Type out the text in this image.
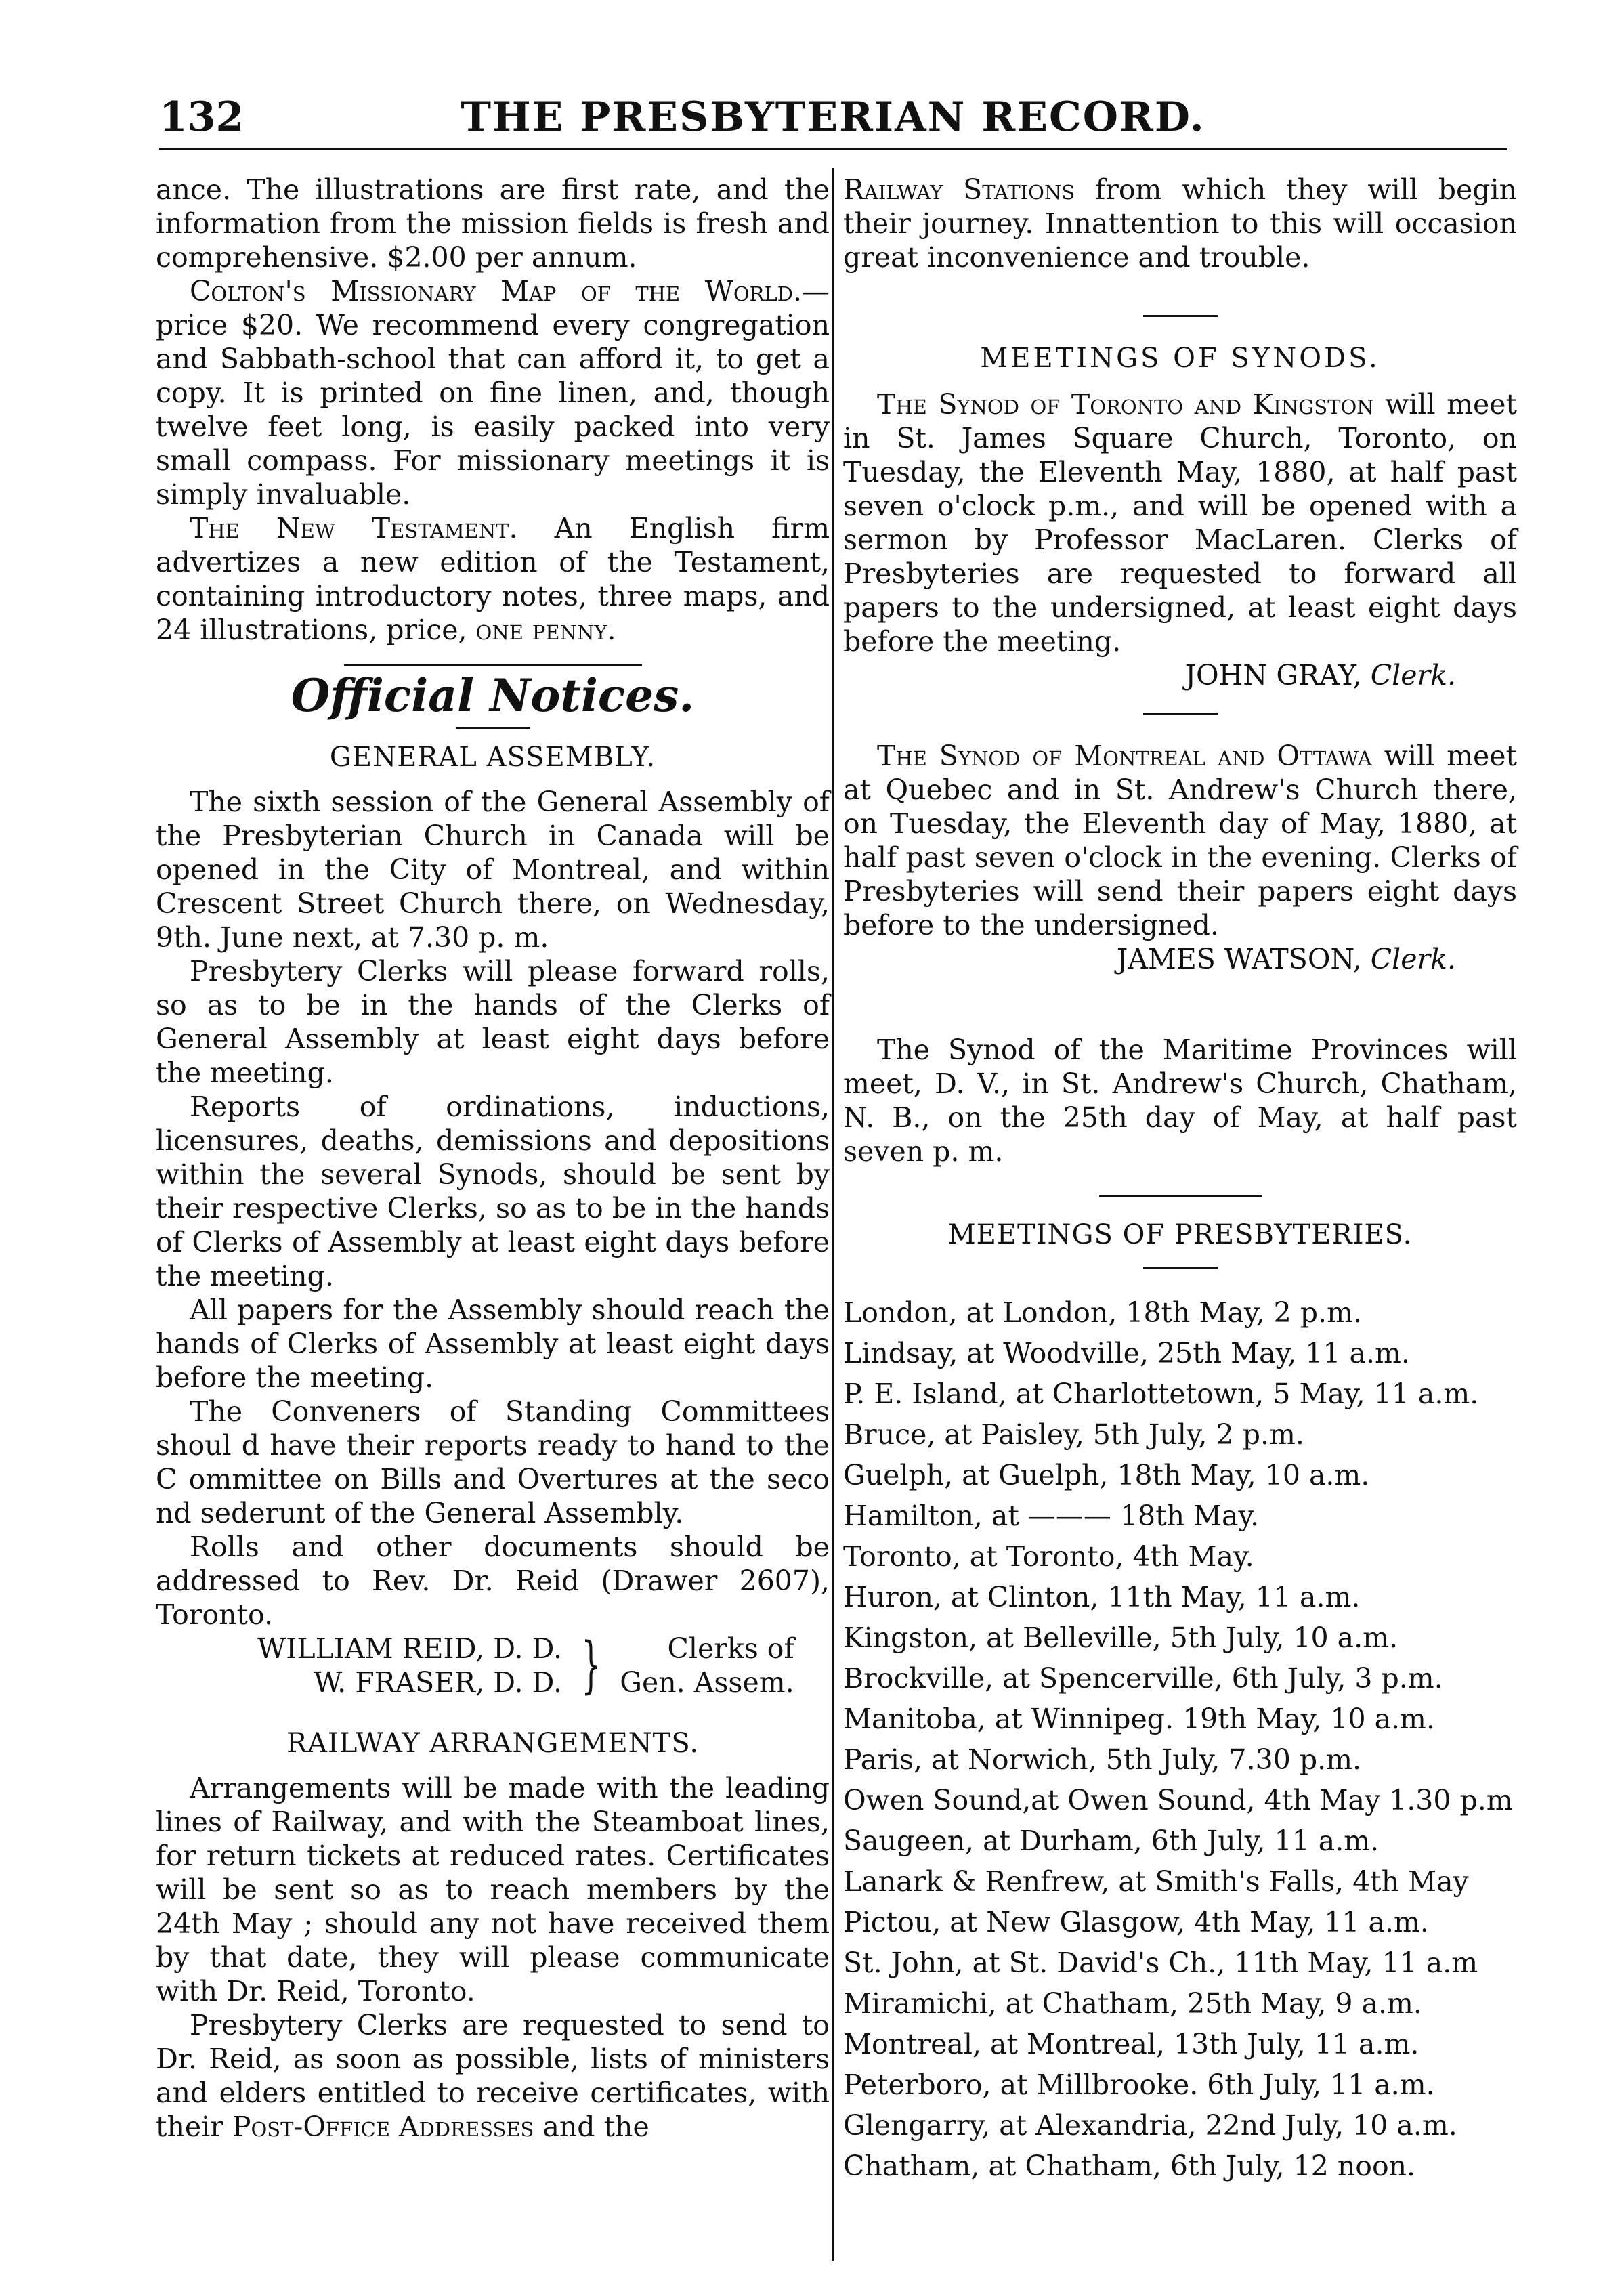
132	THE PRESBYTERIAN RECORD.

ance. The illustrations are first rate, and the information from the mission fields is fresh and comprehensive. $2.00 per annum.

Colton's Missionary Map of the World.— price $20. We recommend every congregation and Sabbath-school that can afford it, to get a copy. It is printed on fine linen, and, though twelve feet long, is easily packed into very small compass. For missionary meetings it is simply invaluable.

The New Testament. An English firm advertizes a new edition of the Testament, containing introductory notes, three maps, and 24 illustrations, price, one penny.

Official Notices.
GENERAL ASSEMBLY.

The sixth session of the General Assembly of the Presbyterian Church in Canada will be opened in the City of Montreal, and within Crescent Street Church there, on Wednesday, 9th. June next, at 7.30 p. m.

Presbytery Clerks will please forward rolls, so as to be in the hands of the Clerks of General Assembly at least eight days before the meeting.

Reports of ordinations, inductions, licensures, deaths, demissions and depositions within the several Synods, should be sent by their respective Clerks, so as to be in the hands of Clerks of Assembly at least eight days before the meeting.

All papers for the Assembly should reach the hands of Clerks of Assembly at least eight days before the meeting.

The Conveners of Standing Committees shoul d have their reports ready to hand to the C ommittee on Bills and Overtures at the seco nd sederunt of the General Assembly.

Rolls and other documents should be addressed to Rev. Dr. Reid (Drawer 2607), Toronto.

WILLIAM REID, D. D.
W. FRASER, D. D. }	Clerks of
Gen. Assem.
RAILWAY ARRANGEMENTS.

Arrangements will be made with the leading lines of Railway, and with the Steamboat lines, for return tickets at reduced rates. Certificates will be sent so as to reach members by the 24th May ; should any not have received them by that date, they will please communicate with Dr. Reid, Toronto.

Presbytery Clerks are requested to send to Dr. Reid, as soon as possible, lists of ministers and elders entitled to receive certificates, with their Post-Office Addresses and the

Railway Stations from which they will begin their journey. Innattention to this will occasion great inconvenience and trouble.

MEETINGS OF SYNODS.

The Synod of Toronto and Kingston will meet in St. James Square Church, Toronto, on Tuesday, the Eleventh May, 1880, at half past seven o'clock p.m., and will be opened with a sermon by Professor MacLaren. Clerks of Presbyteries are requested to forward all papers to the undersigned, at least eight days before the meeting.

JOHN GRAY, Clerk.

The Synod of Montreal and Ottawa will meet at Quebec and in St. Andrew's Church there, on Tuesday, the Eleventh day of May, 1880, at half past seven o'clock in the evening. Clerks of Presbyteries will send their papers eight days before to the undersigned.

JAMES WATSON, Clerk.

The Synod of the Maritime Provinces will meet, D. V., in St. Andrew's Church, Chatham, N. B., on the 25th day of May, at half past seven p. m.

MEETINGS OF PRESBYTERIES.
London, at London, 18th May, 2 p.m.
Lindsay, at Woodville, 25th May, 11 a.m.
P. E. Island, at Charlottetown, 5 May, 11 a.m.
Bruce, at Paisley, 5th July, 2 p.m.
Guelph, at Guelph, 18th May, 10 a.m.
Hamilton, at ——— 18th May.
Toronto, at Toronto, 4th May.
Huron, at Clinton, 11th May, 11 a.m.
Kingston, at Belleville, 5th July, 10 a.m.
Brockville, at Spencerville, 6th July, 3 p.m.
Manitoba, at Winnipeg. 19th May, 10 a.m.
Paris, at Norwich, 5th July, 7.30 p.m.
Owen Sound,at Owen Sound, 4th May 1.30 p.m
Saugeen, at Durham, 6th July, 11 a.m.
Lanark & Renfrew, at Smith's Falls, 4th May
Pictou, at New Glasgow, 4th May, 11 a.m.
St. John, at St. David's Ch., 11th May, 11 a.m
Miramichi, at Chatham, 25th May, 9 a.m.
Montreal, at Montreal, 13th July, 11 a.m.
Peterboro, at Millbrooke. 6th July, 11 a.m.
Glengarry, at Alexandria, 22nd July, 10 a.m.
Chatham, at Chatham, 6th July, 12 noon.
